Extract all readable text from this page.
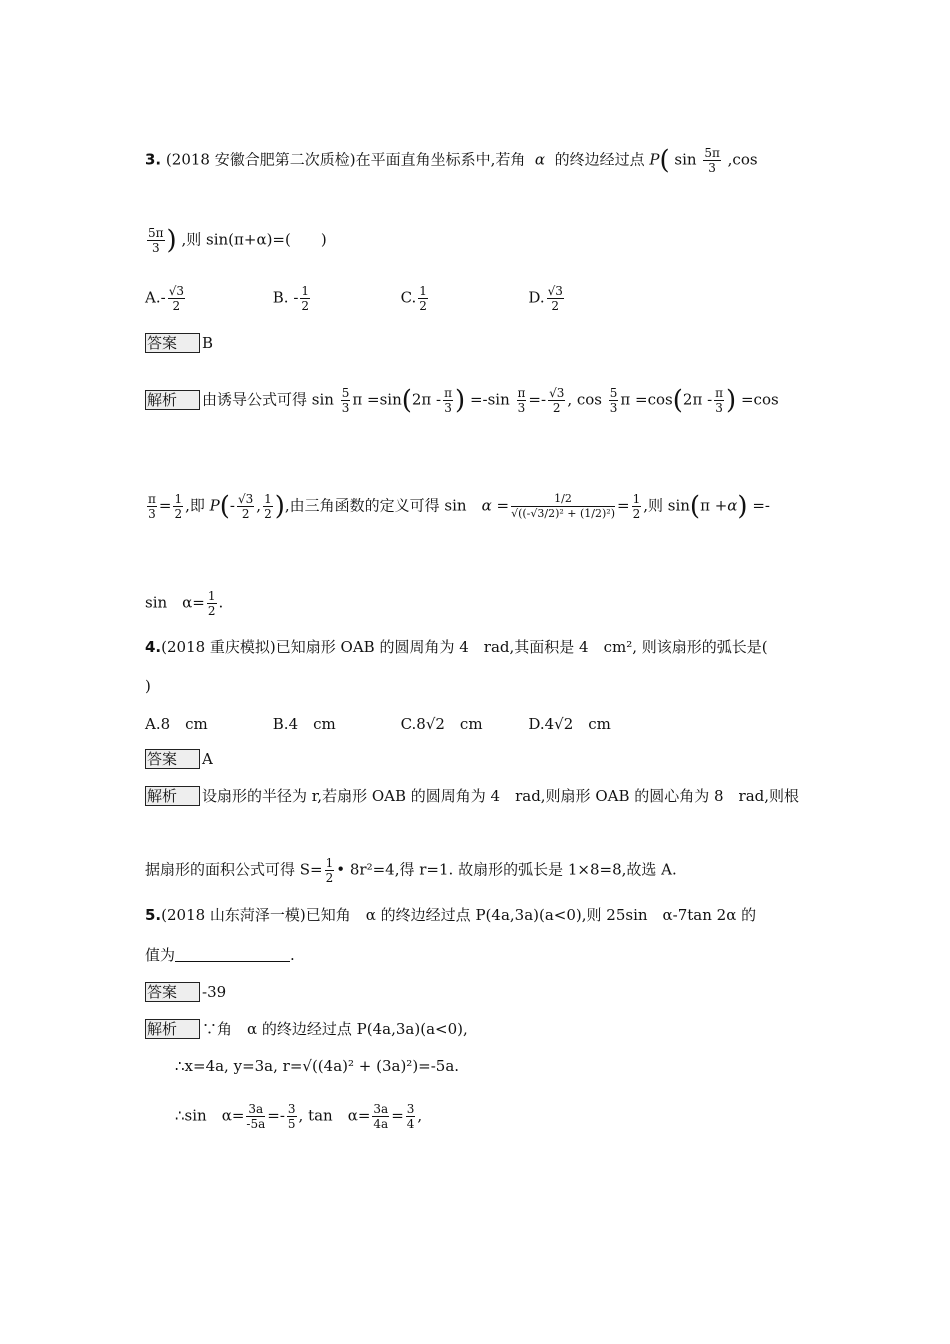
3. (2018 安徽合肥第二次质检)在平面直角坐标系中,若角  α  的终边经过点 P( $\sin \frac{5\pi}{3} ,\cos$
$\frac{5\pi}{3}$ ) ,则 sin(π+α)=(　　)
$A.- \frac{√3}{2}$	B. - $\frac{1}{2}$	C. $\frac{1}{2}$	D. $\frac{√3}{2}$
答案 B
解析 由诱导公式可得 $\sin \frac{5}{3}$ $\pi =\sin(2\pi - \frac{\pi}{3}$ ) $=-\sin \frac{\pi}{3} =- \frac{√3}{2}$ , $\cos \frac{5}{3}$ $\pi =\cos(2\pi - \frac{\pi}{3}$ ) =cos
$\frac{\pi}{3} = \frac{1}{2}$ ,即 $P(- \frac{√3}{2}$ , $\frac{1}{2}$ ),由三角函数的定义可得 sin　$\alpha = \frac{1/2}{\text{√((-√3/2)² + (1/2)²)}} = \frac{1}{2}$ ,则 sin(π +α) =-
sin　$\alpha= \frac{1}{2}$ .
4.(2018 重庆模拟)已知扇形 OAB 的圆周角为 4　rad,其面积是 4　cm², 则该扇形的弧长是(
)
A.8　cm	B.4　cm	C.8√2　cm	D.4√2　cm
答案 A
解析 设扇形的半径为 r,若扇形 OAB 的圆周角为 4　rad,则扇形 OAB 的圆心角为 8　rad,则根
据扇形的面积公式可得 $S= \frac{1}{2}$ • 8r²=4,得 r=1. 故扇形的弧长是 1×8=8,故选 A.
5.(2018 山东菏泽一模)已知角　α 的终边经过点 P(4a,3a)(a<0),则 25sin　α-7tan 2α 的
值为	.
答案 -39
解析 ∵角　α 的终边经过点 P(4a,3a)(a<0),
∴x=4a, y=3a, r=√((4a)² + (3a)²)=-5a.
∴sin　$\alpha= \frac{3a}{-5a} =- \frac{3}{5}$ , tan　$\alpha= \frac{3a}{4a} = \frac{3}{4}$ ,
